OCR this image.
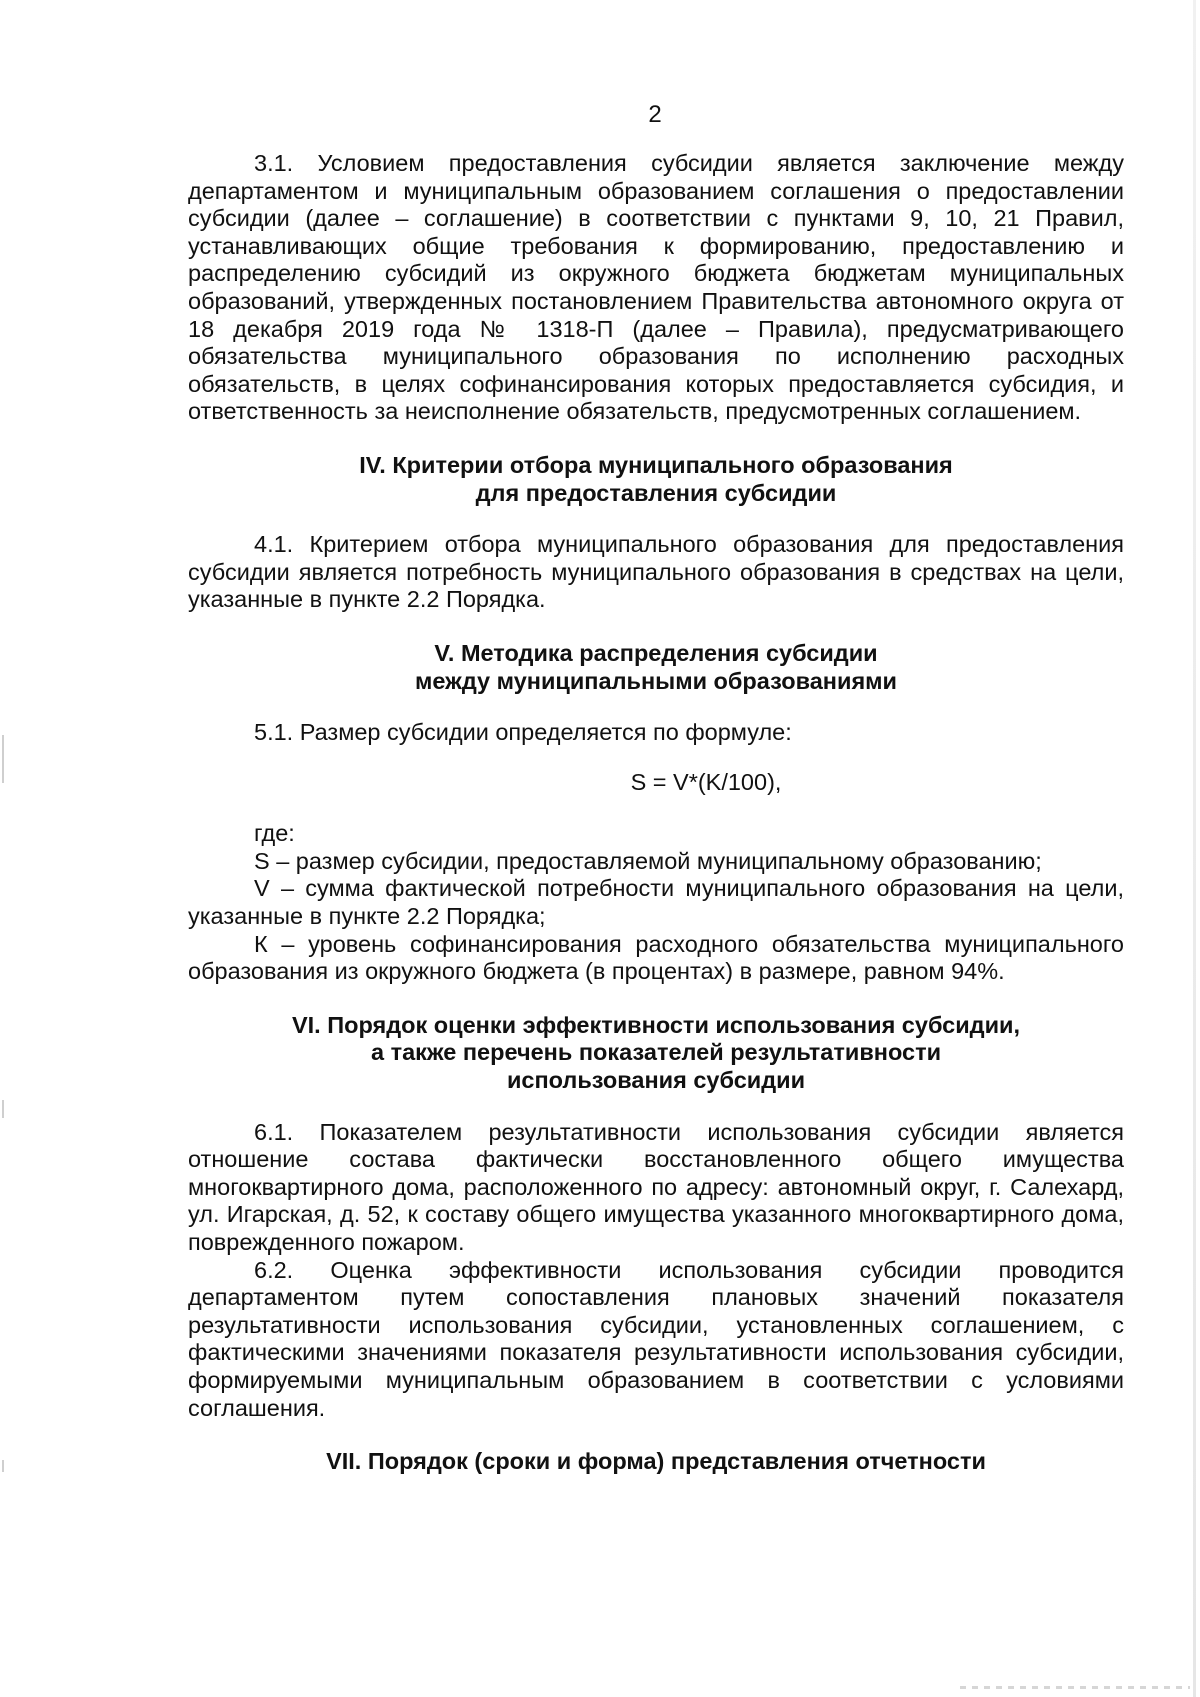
2

3.1. Условием предоставления субсидии является заключение между департаментом и муниципальным образованием соглашения о предоставлении субсидии (далее – соглашение) в соответствии с пунктами 9, 10, 21 Правил, устанавливающих общие требования к формированию, предоставлению и распределению субсидий из окружного бюджета бюджетам муниципальных образований, утвержденных постановлением Правительства автономного округа от 18 декабря 2019 года № 1318-П (далее – Правила), предусматривающего обязательства муниципального образования по исполнению расходных обязательств, в целях софинансирования которых предоставляется субсидия, и ответственность за неисполнение обязательств, предусмотренных соглашением.

IV. Критерии отбора муниципального образования
для предоставления субсидии

4.1. Критерием отбора муниципального образования для предоставления субсидии является потребность муниципального образования в средствах на цели, указанные в пункте 2.2 Порядка.

V. Методика распределения субсидии
между муниципальными образованиями

5.1. Размер субсидии определяется по формуле:

S = V*(K/100),

где:

S – размер субсидии, предоставляемой муниципальному образованию;

V – сумма фактической потребности муниципального образования на цели, указанные в пункте 2.2 Порядка;

К – уровень софинансирования расходного обязательства муниципального образования из окружного бюджета (в процентах) в размере, равном 94%.

VI. Порядок оценки эффективности использования субсидии,
а также перечень показателей результативности
использования субсидии

6.1. Показателем результативности использования субсидии является отношение состава фактически восстановленного общего имущества многоквартирного дома, расположенного по адресу: автономный округ, г. Салехард, ул. Игарская, д. 52, к составу общего имущества указанного многоквартирного дома, поврежденного пожаром.

6.2. Оценка эффективности использования субсидии проводится департаментом путем сопоставления плановых значений показателя результативности использования субсидии, установленных соглашением, с фактическими значениями показателя результативности использования субсидии, формируемыми муниципальным образованием в соответствии с условиями соглашения.

VII. Порядок (сроки и форма) представления отчетности
